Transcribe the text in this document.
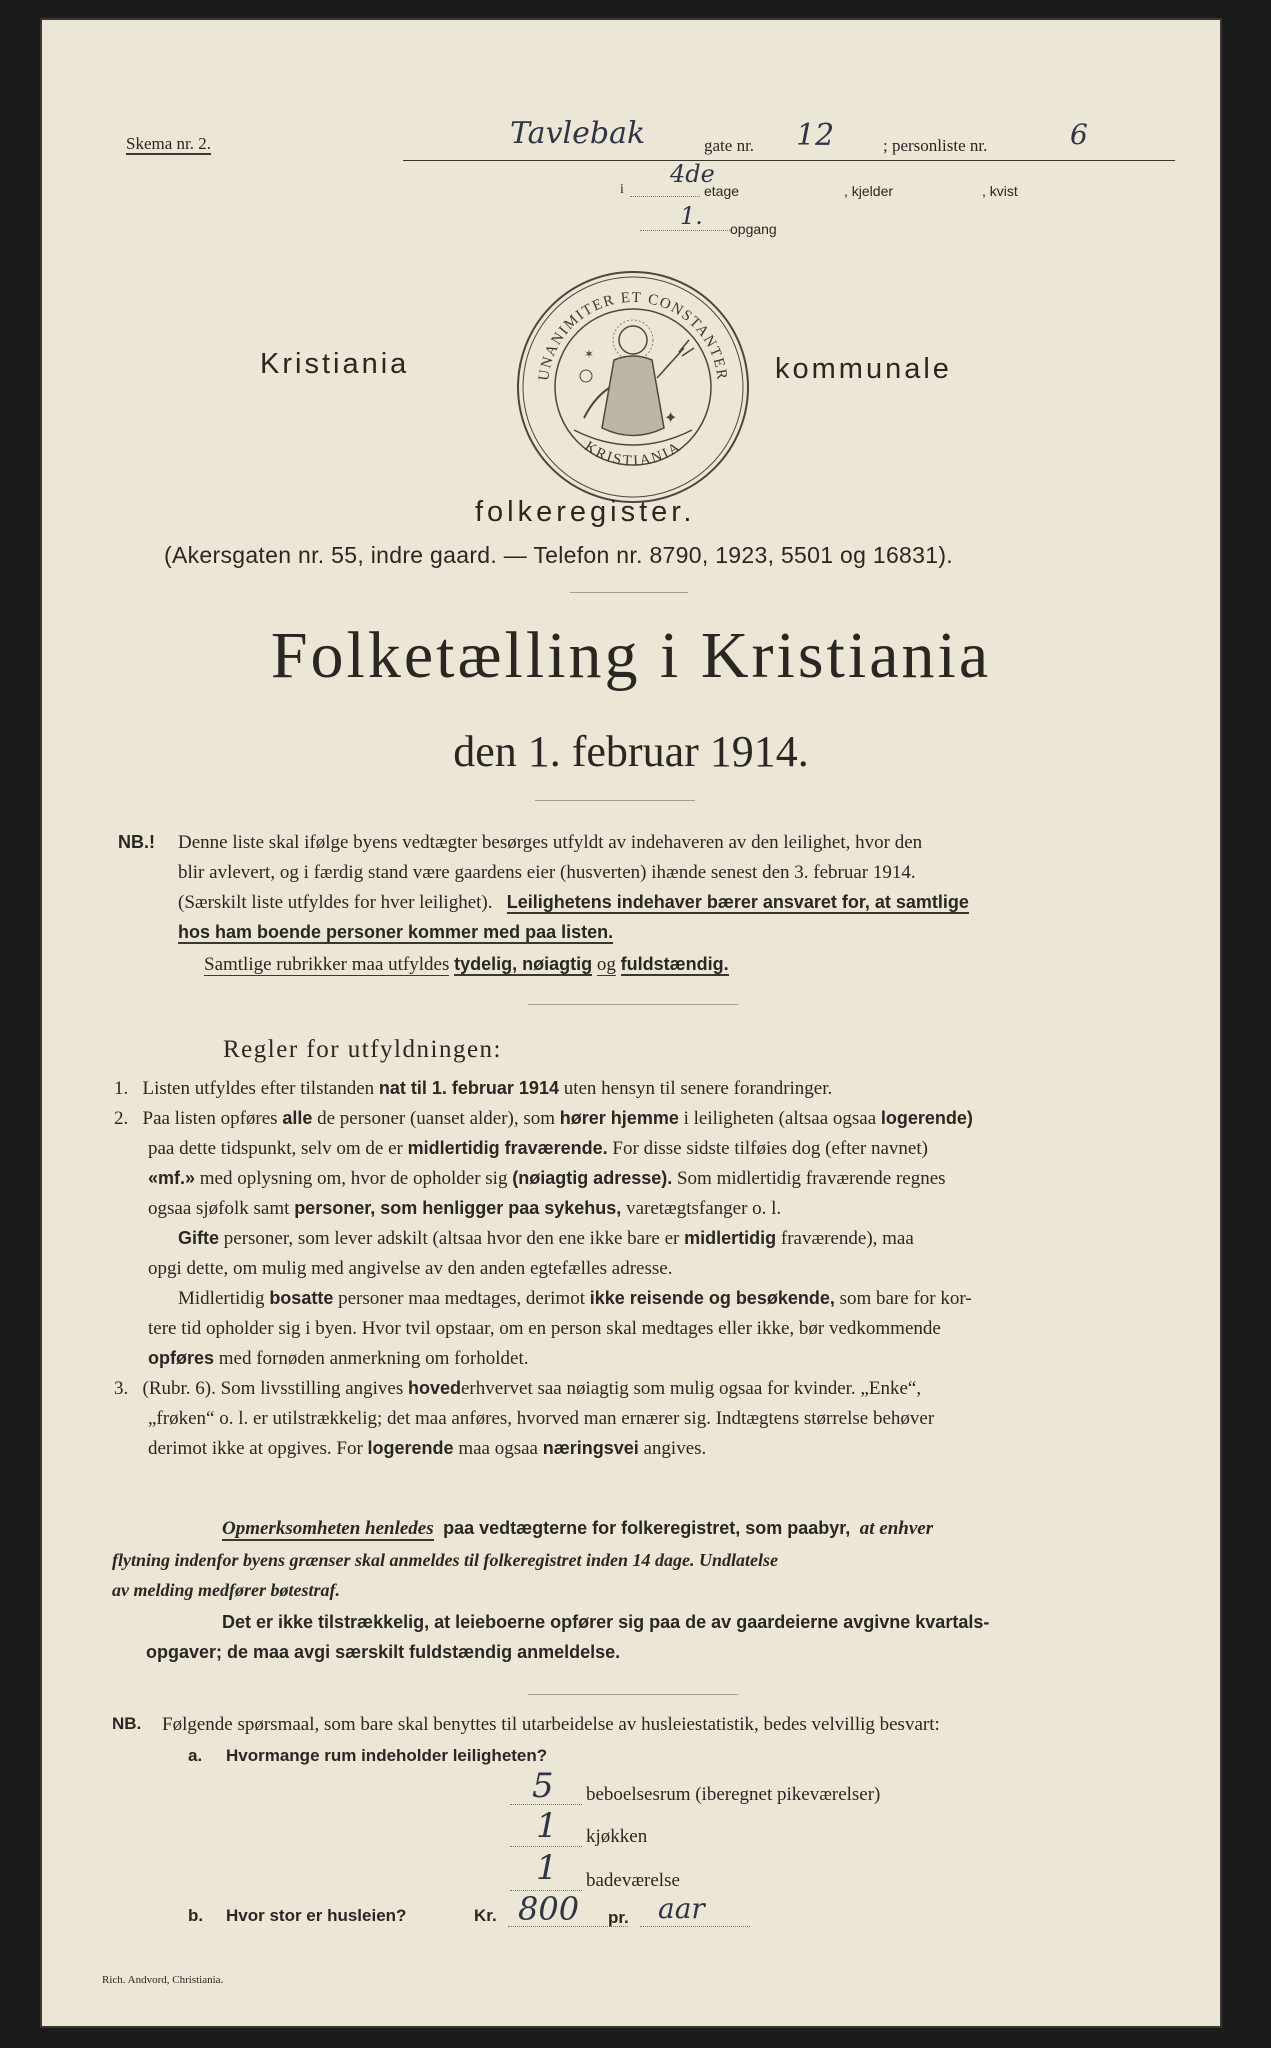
Skema nr. 2.	Tavlebak	gate nr. 12	; personliste nr.	6
i
4de
etage	, kjelder	, kvist
1. opgang
Kristiania	kommunale
UNANIMITER ET CONSTANTER
KRISTIANIA
✦
✶
folkeregister.
(Akersgaten nr. 55, indre gaard. — Telefon nr. 8790, 1923, 5501 og 16831).
Folketælling i Kristiania
den 1. februar 1914.
NB.! Denne liste skal ifølge byens vedtægter besørges utfyldt av indehaveren av den leilighet, hvor den
blir avlevert, og i færdig stand være gaardens eier (husverten) ihænde senest den 3. februar 1914.
(Særskilt liste utfyldes for hver leilighet). Leilighetens indehaver bærer ansvaret for, at samtlige
hos ham boende personer kommer med paa listen.
Samtlige rubrikker maa utfyldes tydelig, nøiagtig og fuldstændig.
Regler for utfyldningen:
1. Listen utfyldes efter tilstanden nat til 1. februar 1914 uten hensyn til senere forandringer.
2. Paa listen opføres alle de personer (uanset alder), som hører hjemme i leiligheten (altsaa ogsaa logerende)
paa dette tidspunkt, selv om de er midlertidig fraværende. For disse sidste tilføies dog (efter navnet)
«mf.» med oplysning om, hvor de opholder sig (nøiagtig adresse). Som midlertidig fraværende regnes
ogsaa sjøfolk samt personer, som henligger paa sykehus, varetægtsfanger o. l.
Gifte personer, som lever adskilt (altsaa hvor den ene ikke bare er midlertidig fraværende), maa
opgi dette, om mulig med angivelse av den anden egtefælles adresse.
Midlertidig bosatte personer maa medtages, derimot ikke reisende og besøkende, som bare for kor-
tere tid opholder sig i byen. Hvor tvil opstaar, om en person skal medtages eller ikke, bør vedkommende
opføres med fornøden anmerkning om forholdet.
3. (Rubr. 6). Som livsstilling angives hovederhvervet saa nøiagtig som mulig ogsaa for kvinder. „Enke“,
„frøken“ o. l. er utilstrækkelig; det maa anføres, hvorved man ernærer sig. Indtægtens størrelse behøver
derimot ikke at opgives. For logerende maa ogsaa næringsvei angives.
Opmerksomheten henledes paa vedtægterne for folkeregistret, som paabyr, at enhver
flytning indenfor byens grænser skal anmeldes til folkeregistret inden 14 dage. Undlatelse
av melding medfører bøtestraf.
Det er ikke tilstrækkelig, at leieboerne opfører sig paa de av gaardeierne avgivne kvartals-
opgaver; de maa avgi særskilt fuldstændig anmeldelse.
NB. Følgende spørsmaal, som bare skal benyttes til utarbeidelse av husleiestatistik, bedes velvillig besvart:
a. Hvormange rum indeholder leiligheten?
5 beboelsesrum (iberegnet pikeværelser)
1 kjøkken
1 badeværelse
b. Hvor stor er husleien?	Kr. 800 pr. aar
Rich. Andvord, Christiania.
